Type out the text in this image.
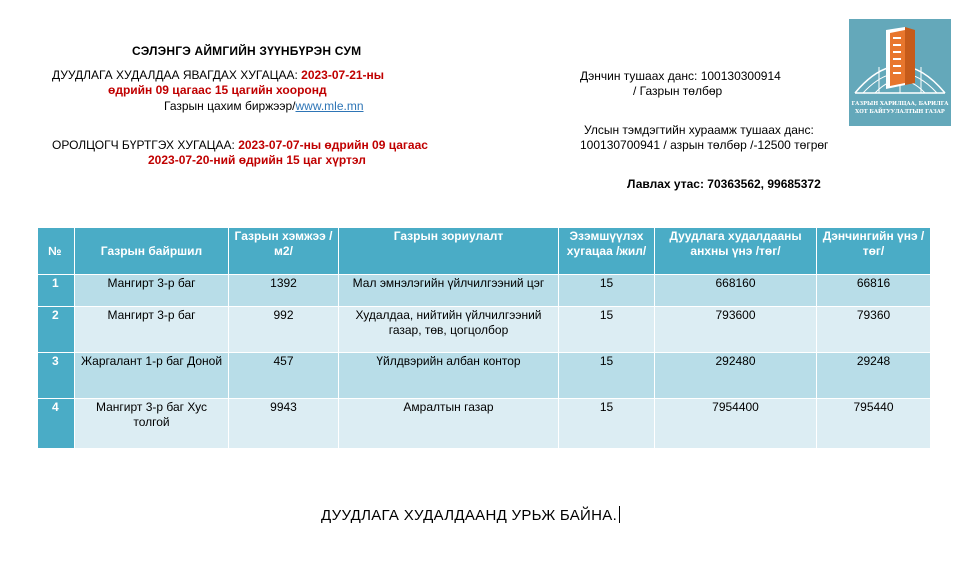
СЭЛЭНГЭ АЙМГИЙН ЗҮҮНБҮРЭН СУМ
ДУУДЛАГА ХУДАЛДАА ЯВАГДАХ ХУГАЦАА: 2023-07-21-ны
өдрийн 09 цагаас 15 цагийн хооронд
Газрын цахим биржээр/www.mle.mn
ОРОЛЦОГЧ БҮРТГЭХ ХУГАЦАА: 2023-07-07-ны өдрийн 09 цагаас
2023-07-20-ний өдрийн 15 цаг хүртэл
Дэнчин тушаах данс: 100130300914
/ Газрын төлбөр
Улсын тэмдэгтийн хураамж тушаах данс:
100130700941 / азрын төлбөр /-12500 төгрөг
Лавлах утас: 70363562, 99685372
ГАЗРЫН ХАРИЛЦАА, БАРИЛГА
ХОТ БАЙГУУЛАЛТЫН ГАЗАР
№	Газрын байршил	Газрын хэмжээ /м2/	Газрын зориулалт	Эзэмшүүлэх хугацаа /жил/	Дуудлага худалдааны анхны үнэ /төг/	Дэнчингийн үнэ /төг/
1	Мангирт 3-р баг	1392	Мал эмнэлэгийн үйлчилгээний цэг	15	668160	66816
2	Мангирт 3-р баг	992	Худалдаа, нийтийн үйлчилгээний газар, төв, цогцолбор	15	793600	79360
3	Жаргалант 1-р баг Доной	457	Үйлдвэрийн албан контор	15	292480	29248
4	Мангирт 3-р баг Хус толгой	9943	Амралтын газар	15	7954400	795440
ДУУДЛАГА ХУДАЛДААНД УРЬЖ БАЙНА.
